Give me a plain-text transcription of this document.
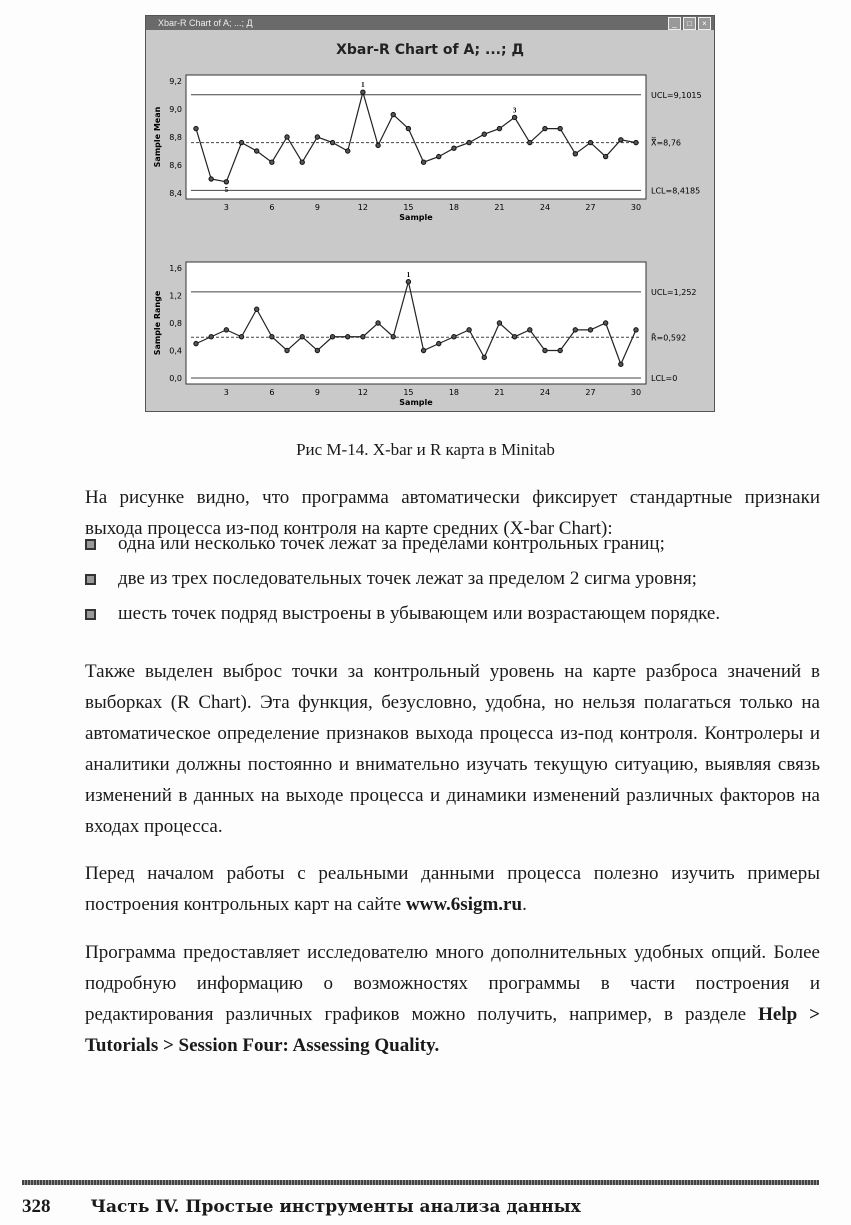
Xbar-R Chart of A; ...; Д	_	□	×
Xbar-R Chart of A; ...; Д
8,4
8,6
8,8
9,0
9,2
3	6	9	12	15	18	21	24	27	30
Sample
Sample Mean
UCL=9,1015
X̿=8,76
LCL=8,4185
1
3
5
0,0
0,4
0,8
1,2
1,6
3	6	9	12	15	18	21	24	27	30
Sample
Sample Range	UCL=1,252
R̄=0,592
LCL=0
1
Рис М-14. X-bar и R карта в Minitab
На рисунке видно, что программа автоматически фиксирует стандартные признаки выхода процесса из-под контроля на карте средних (X-bar Chart):
одна или несколько точек лежат за пределами контрольных границ;
две из трех последовательных точек лежат за пределом 2 сигма уровня;
шесть точек подряд выстроены в убывающем или возрастающем порядке.
Также выделен выброс точки за контрольный уровень на карте разброса значений в выборках (R Chart). Эта функция, безусловно, удобна, но нельзя полагаться только на автоматическое определение признаков выхода процесса из-под контроля. Контролеры и аналитики должны постоянно и внимательно изучать текущую ситуацию, выявляя связь изменений в данных на выходе процесса и динамики изменений различных факторов на входах процесса.
Перед началом работы с реальными данными процесса полезно изучить примеры построения контрольных карт на сайте www.6sigm.ru.
Программа предоставляет исследователю много дополнительных удобных опций. Более подробную информацию о возможностях программы в части построения и редактирования различных графиков можно получить, например, в разделе Help > Tutorials > Session Four: Assessing Quality.
328 Часть IV. Простые инструменты анализа данных
